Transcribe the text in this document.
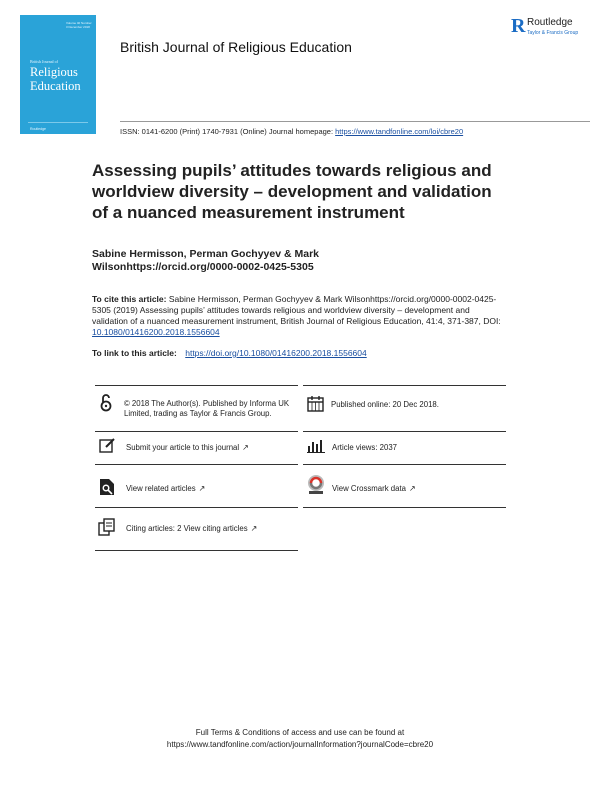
Volume 40 Number 3 December 2018
British Journal of
Religious
Education
Routledge
British Journal of Religious Education
R Routledge
Taylor & Francis Group
ISSN: 0141-6200 (Print) 1740-7931 (Online) Journal homepage: https://www.tandfonline.com/loi/cbre20
Assessing pupils’ attitudes towards religious and worldview diversity – development and validation of a nuanced measurement instrument

Sabine Hermisson, Perman Gochyyev & Mark Wilsonhttps://orcid.org/0000-0002-0425-5305

To cite this article: Sabine Hermisson, Perman Gochyyev & Mark Wilsonhttps://orcid.org/0000-0002-0425-5305 (2019) Assessing pupils’ attitudes towards religious and worldview diversity – development and validation of a nuanced measurement instrument, British Journal of Religious Education, 41:4, 371-387, DOI: 10.1080/01416200.2018.1556604

To link to this article: https://doi.org/10.1080/01416200.2018.1556604
© 2018 The Author(s). Published by Informa UK Limited, trading as Taylor & Francis Group.
Published online: 20 Dec 2018.
Submit your article to this journal ↗	Article views: 2037
View related articles ↗	View Crossmark data ↗
Citing articles: 2 View citing articles ↗
Full Terms & Conditions of access and use can be found at
https://www.tandfonline.com/action/journalInformation?journalCode=cbre20
